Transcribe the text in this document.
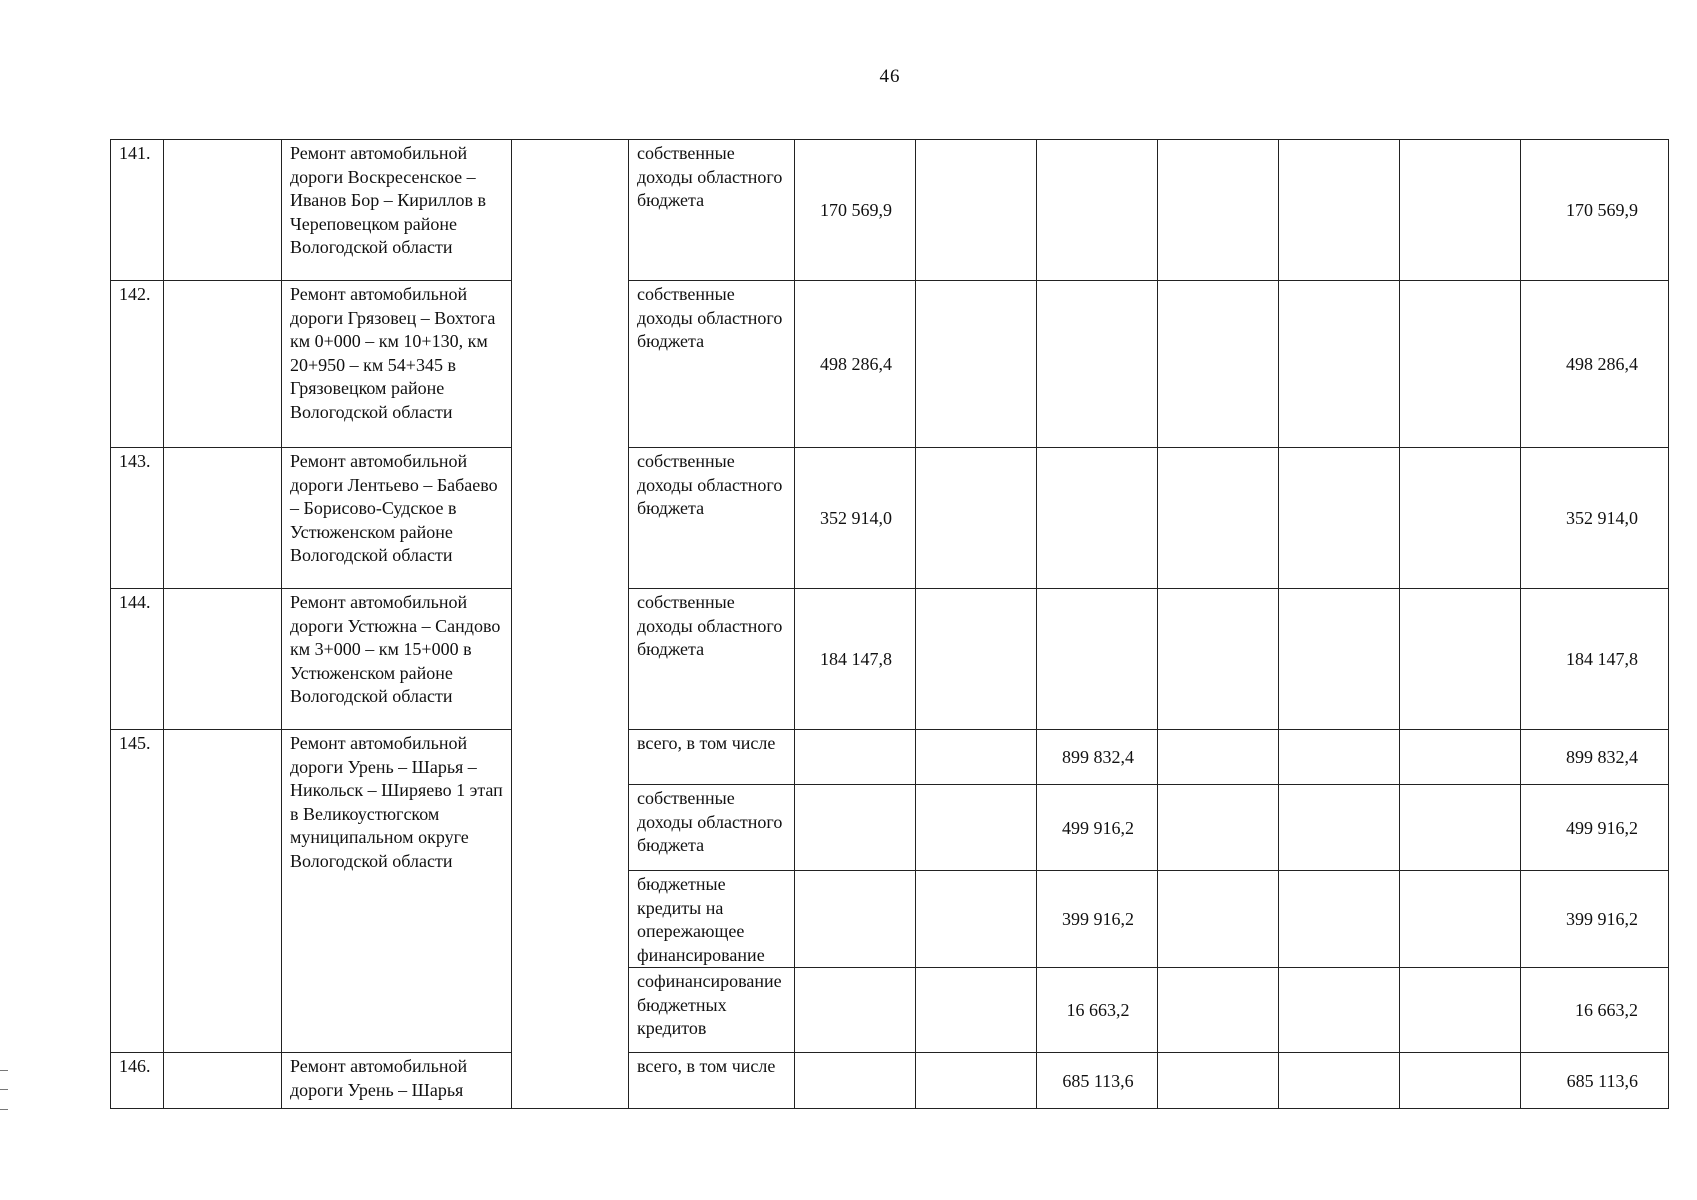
46
141.		Ремонт автомобильной дороги Воскресенское – Иванов Бор – Кириллов в Череповецком районе Вологодской области		собственные доходы областного бюджета	170 569,9						170 569,9
142.		Ремонт автомобильной дороги Грязовец – Вохтога км 0+000 – км 10+130, км 20+950 – км 54+345 в Грязовецком районе Вологодской области		собственные доходы областного бюджета	498 286,4						498 286,4
143.		Ремонт автомобильной дороги Лентьево – Бабаево – Борисово-Судское в Устюженском районе Вологодской области		собственные доходы областного бюджета	352 914,0						352 914,0
144.		Ремонт автомобильной дороги Устюжна – Сандово км 3+000 – км 15+000 в Устюженском районе Вологодской области		собственные доходы областного бюджета	184 147,8						184 147,8
145.		Ремонт автомобильной дороги Урень – Шарья – Никольск – Ширяево 1 этап в Великоустюгском муниципальном округе Вологодской области		всего, в том числе			899 832,4				899 832,4
				собственные доходы областного бюджета			499 916,2				499 916,2
				бюджетные кредиты на опережающее финансирование			399 916,2				399 916,2
				софинансирование бюджетных кредитов			16 663,2				16 663,2
146.		Ремонт автомобильной дороги Урень – Шарья		всего, в том числе			685 113,6				685 113,6
